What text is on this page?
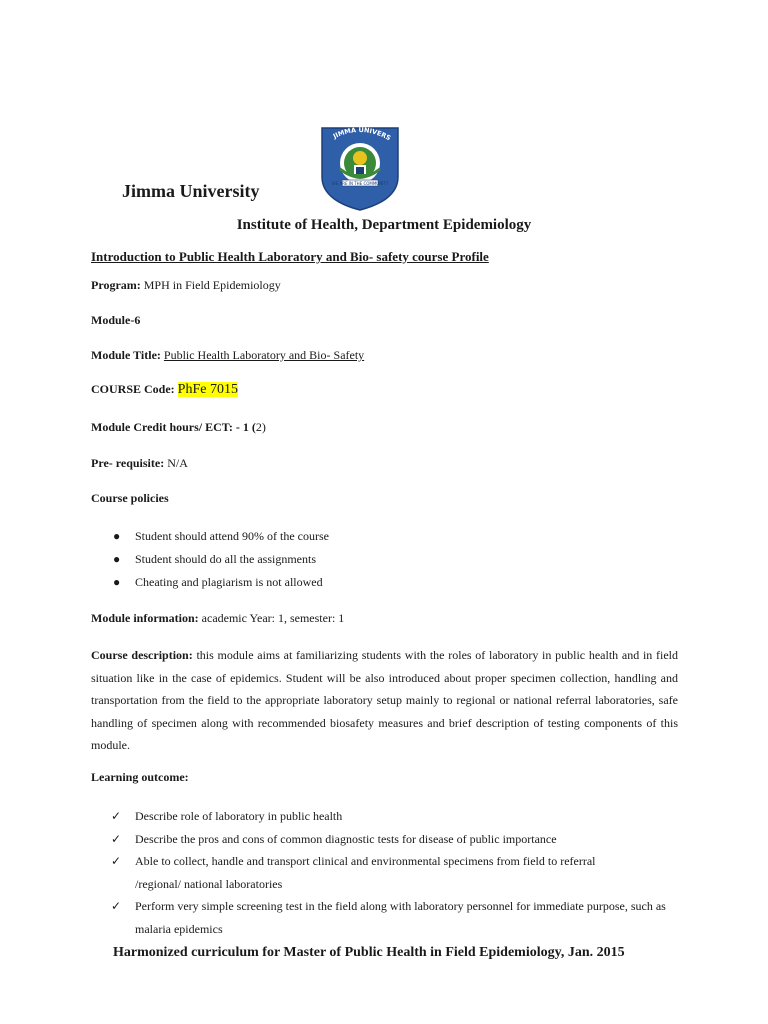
JIMMA UNIVERS
WE ARE IN THE COMMUNITY
Jimma University
Institute of Health, Department Epidemiology
Introduction to Public Health Laboratory and Bio- safety course Profile
Program: MPH in Field Epidemiology
Module-6
Module Title: Public Health Laboratory and Bio- Safety
COURSE Code: PhFe 7015
Module Credit hours/ ECT: - 1 (2)
Pre- requisite: N/A
Course policies
● Student should attend 90% of the course
● Student should do all the assignments
● Cheating and plagiarism is not allowed
Module information: academic Year: 1, semester: 1
Course description: this module aims at familiarizing students with the roles of laboratory in public health and in field situation like in the case of epidemics. Student will be also introduced about proper specimen collection, handling and transportation from the field to the appropriate laboratory setup mainly to regional or national referral laboratories, safe handling of specimen along with recommended biosafety measures and brief description of testing components of this module.
Learning outcome:
✓ Describe role of laboratory in public health
✓ Describe the pros and cons of common diagnostic tests for disease of public importance
✓ Able to collect, handle and transport clinical and environmental specimens from field to referral /regional/ national laboratories
✓ Perform very simple screening test in the field along with laboratory personnel for immediate purpose, such as malaria epidemics
Harmonized curriculum for Master of Public Health in Field Epidemiology, Jan. 2015
